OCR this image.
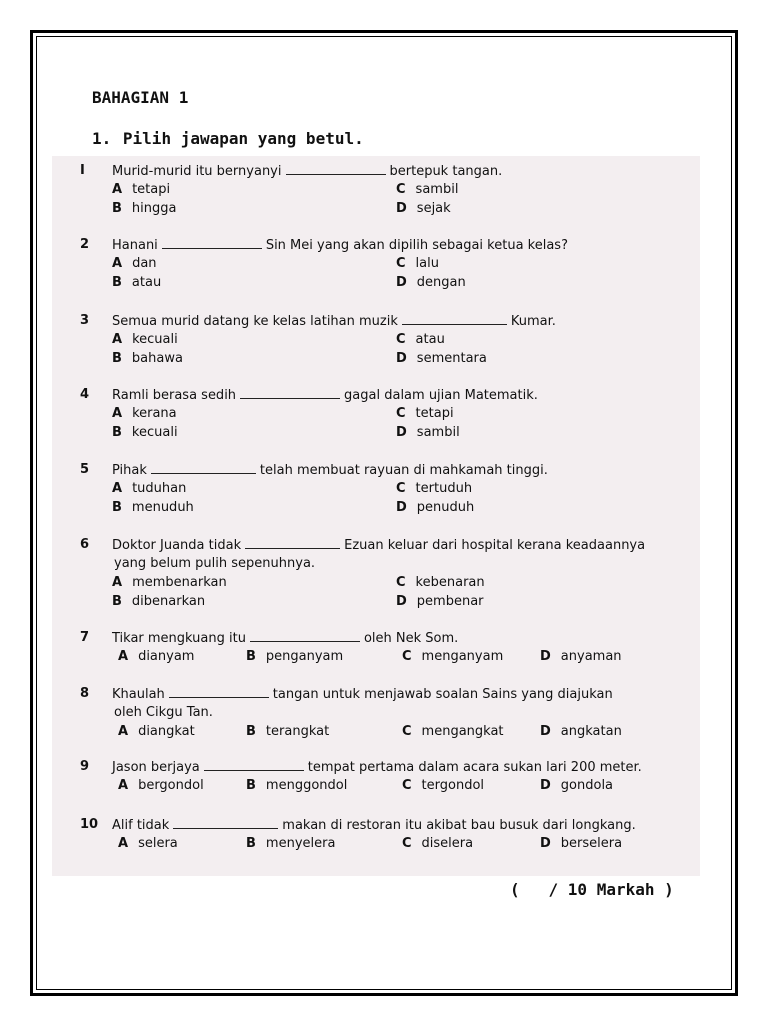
BAHAGIAN 1
1. Pilih jawapan yang betul.
I Murid-murid itu bernyanyi	bertepuk tangan.
A tetapi	C sambil
B hingga	D sejak
2 Hanani	Sin Mei yang akan dipilih sebagai ketua kelas?
A dan	C lalu
B atau	D dengan
3 Semua murid datang ke kelas latihan muzik	Kumar.
A kecuali	C atau
B bahawa	D sementara
4 Ramli berasa sedih	gagal dalam ujian Matematik.
A kerana	C tetapi
B kecuali	D sambil
5 Pihak	telah membuat rayuan di mahkamah tinggi.
A tuduhan	C tertuduh
B menuduh	D penuduh
6 Doktor Juanda tidak	Ezuan keluar dari hospital kerana keadaannya
yang belum pulih sepenuhnya.
A membenarkan	C kebenaran
B dibenarkan	D pembenar
7 Tikar mengkuang itu	oleh Nek Som.
A dianyam	B penganyam	C menganyam	D anyaman
8 Khaulah	tangan untuk menjawab soalan Sains yang diajukan
oleh Cikgu Tan.
A diangkat	B terangkat	C mengangkat	D angkatan
9 Jason berjaya	tempat pertama dalam acara sukan lari 200 meter.
A bergondol	B menggondol	C tergondol	D gondola
10 Alif tidak	makan di restoran itu akibat bau busuk dari longkang.
A selera	B menyelera	C diselera	D berselera
(   / 10 Markah )
